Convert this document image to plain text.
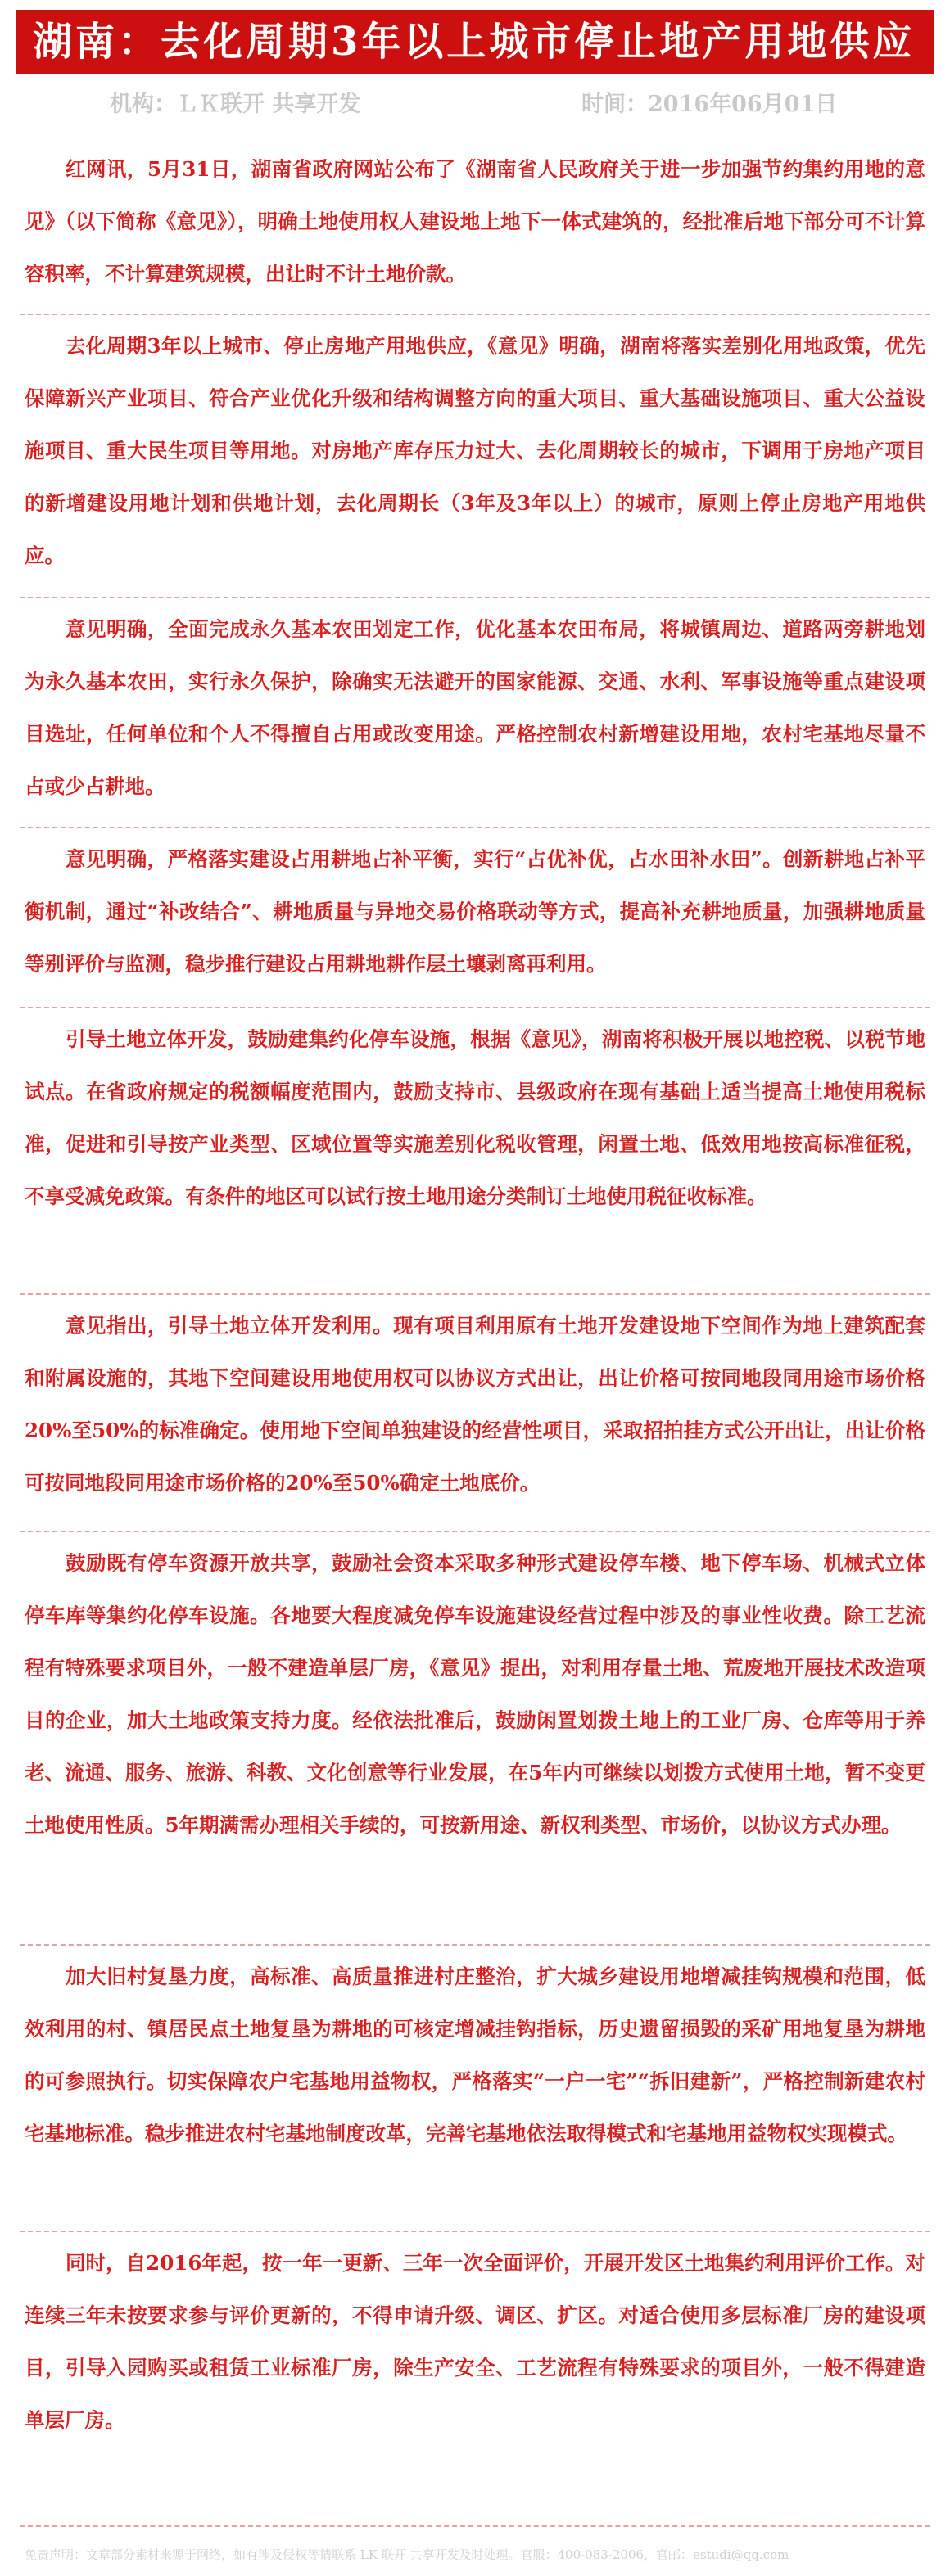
湖南：去化周期3年以上城市停止地产用地供应
机构：ＬＫ联开 共享开发	时间：2016年06月01日
红网讯，5月31日，湖南省政府网站公布了《湖南省人民政府关于进一步加强节约集约用地的意见》（以下简称《意见》），明确土地使用权人建设地上地下一体式建筑的，经批准后地下部分可不计算容积率，不计算建筑规模，出让时不计土地价款。
去化周期3年以上城市、停止房地产用地供应，《意见》明确，湖南将落实差别化用地政策，优先保障新兴产业项目、符合产业优化升级和结构调整方向的重大项目、重大基础设施项目、重大公益设施项目、重大民生项目等用地。对房地产库存压力过大、去化周期较长的城市，下调用于房地产项目的新增建设用地计划和供地计划，去化周期长（3年及3年以上）的城市，原则上停止房地产用地供应。
意见明确，全面完成永久基本农田划定工作，优化基本农田布局，将城镇周边、道路两旁耕地划为永久基本农田，实行永久保护，除确实无法避开的国家能源、交通、水利、军事设施等重点建设项目选址，任何单位和个人不得擅自占用或改变用途。严格控制农村新增建设用地，农村宅基地尽量不占或少占耕地。
意见明确，严格落实建设占用耕地占补平衡，实行“占优补优，占水田补水田”。创新耕地占补平衡机制，通过“补改结合”、耕地质量与异地交易价格联动等方式，提高补充耕地质量，加强耕地质量等别评价与监测，稳步推行建设占用耕地耕作层土壤剥离再利用。
引导土地立体开发，鼓励建集约化停车设施，根据《意见》，湖南将积极开展以地控税、以税节地试点。在省政府规定的税额幅度范围内，鼓励支持市、县级政府在现有基础上适当提高土地使用税标准，促进和引导按产业类型、区域位置等实施差别化税收管理，闲置土地、低效用地按高标准征税，不享受减免政策。有条件的地区可以试行按土地用途分类制订土地使用税征收标准。
意见指出，引导土地立体开发利用。现有项目利用原有土地开发建设地下空间作为地上建筑配套和附属设施的，其地下空间建设用地使用权可以协议方式出让，出让价格可按同地段同用途市场价格20%至50%的标准确定。使用地下空间单独建设的经营性项目，采取招拍挂方式公开出让，出让价格可按同地段同用途市场价格的20%至50%确定土地底价。
鼓励既有停车资源开放共享，鼓励社会资本采取多种形式建设停车楼、地下停车场、机械式立体停车库等集约化停车设施。各地要大程度减免停车设施建设经营过程中涉及的事业性收费。除工艺流程有特殊要求项目外，一般不建造单层厂房，《意见》提出，对利用存量土地、荒废地开展技术改造项目的企业，加大土地政策支持力度。经依法批准后，鼓励闲置划拨土地上的工业厂房、仓库等用于养老、流通、服务、旅游、科教、文化创意等行业发展，在5年内可继续以划拨方式使用土地，暂不变更土地使用性质。5年期满需办理相关手续的，可按新用途、新权利类型、市场价，以协议方式办理。
加大旧村复垦力度，高标准、高质量推进村庄整治，扩大城乡建设用地增减挂钩规模和范围，低效利用的村、镇居民点土地复垦为耕地的可核定增减挂钩指标，历史遗留损毁的采矿用地复垦为耕地的可参照执行。切实保障农户宅基地用益物权，严格落实“一户一宅”“拆旧建新”，严格控制新建农村宅基地标准。稳步推进农村宅基地制度改革，完善宅基地依法取得模式和宅基地用益物权实现模式。
同时，自2016年起，按一年一更新、三年一次全面评价，开展开发区土地集约利用评价工作。对连续三年未按要求参与评价更新的，不得申请升级、调区、扩区。对适合使用多层标准厂房的建设项目，引导入园购买或租赁工业标准厂房，除生产安全、工艺流程有特殊要求的项目外，一般不得建造单层厂房。
免责声明：文章部分素材来源于网络，如有涉及侵权等请联系 LK 联开 共享开发及时处理。官服：400-083-2006，官邮：estudi@qq.com
